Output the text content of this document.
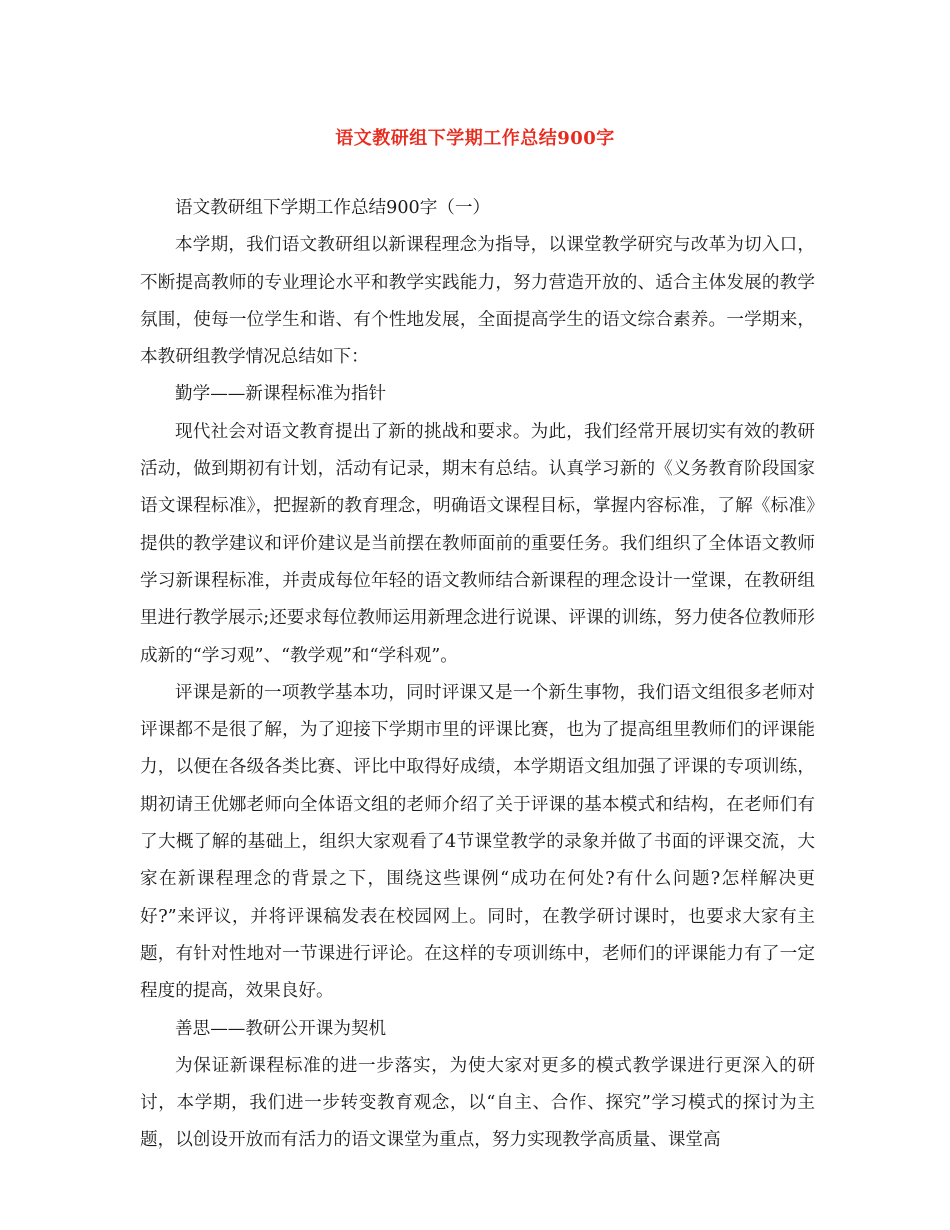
语文教研组下学期工作总结900字

语文教研组下学期工作总结900字（一）

本学期，我们语文教研组以新课程理念为指导，以课堂教学研究与改革为切入口，不断提高教师的专业理论水平和教学实践能力，努力营造开放的、适合主体发展的教学氛围，使每一位学生和谐、有个性地发展，全面提高学生的语文综合素养。一学期来，本教研组教学情况总结如下：

勤学——新课程标准为指针

现代社会对语文教育提出了新的挑战和要求。为此，我们经常开展切实有效的教研活动，做到期初有计划，活动有记录，期末有总结。认真学习新的《义务教育阶段国家语文课程标准》，把握新的教育理念，明确语文课程目标，掌握内容标准，了解《标准》提供的教学建议和评价建议是当前摆在教师面前的重要任务。我们组织了全体语文教师学习新课程标准，并责成每位年轻的语文教师结合新课程的理念设计一堂课，在教研组里进行教学展示;还要求每位教师运用新理念进行说课、评课的训练，努力使各位教师形成新的“学习观”、“教学观”和“学科观”。

评课是新的一项教学基本功，同时评课又是一个新生事物，我们语文组很多老师对评课都不是很了解，为了迎接下学期市里的评课比赛，也为了提高组里教师们的评课能力，以便在各级各类比赛、评比中取得好成绩，本学期语文组加强了评课的专项训练，期初请王优娜老师向全体语文组的老师介绍了关于评课的基本模式和结构，在老师们有了大概了解的基础上，组织大家观看了4节课堂教学的录象并做了书面的评课交流，大家在新课程理念的背景之下，围绕这些课例“成功在何处?有什么问题?怎样解决更好?”来评议，并将评课稿发表在校园网上。同时，在教学研讨课时，也要求大家有主题，有针对性地对一节课进行评论。在这样的专项训练中，老师们的评课能力有了一定程度的提高，效果良好。

善思——教研公开课为契机

为保证新课程标准的进一步落实，为使大家对更多的模式教学课进行更深入的研讨，本学期，我们进一步转变教育观念，以“自主、合作、探究”学习模式的探讨为主题，以创设开放而有活力的语文课堂为重点，努力实现教学高质量、课堂高
